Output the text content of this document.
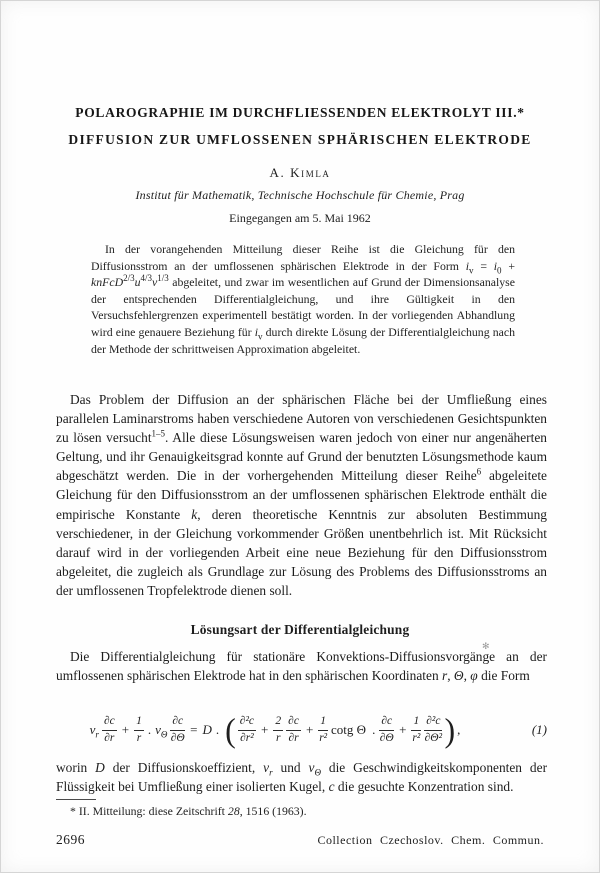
POLAROGRAPHIE IM DURCHFLIESSENDEN ELEKTROLYT III.*
DIFFUSION ZUR UMFLOSSENEN SPHÄRISCHEN ELEKTRODE
A. Kimla
Institut für Mathematik, Technische Hochschule für Chemie, Prag
Eingegangen am 5. Mai 1962
In der vorangehenden Mitteilung dieser Reihe ist die Gleichung für den Diffusionsstrom an der umflossenen sphärischen Elektrode in der Form $i_v = i_0$ + $knFcD^{2/3}u^{4/3}v^{1/3}$ abgeleitet, und zwar im wesentlichen auf Grund der Dimensionsanalyse der entsprechenden Differentialgleichung, und ihre Gültigkeit in den Versuchsfehlergrenzen experimentell bestätigt worden. In der vorliegenden Abhandlung wird eine genauere Beziehung für $i_v$ durch direkte Lösung der Differentialgleichung nach der Methode der schrittweisen Approximation abgeleitet.

Das Problem der Diffusion an der sphärischen Fläche bei der Umfließung eines parallelen Laminarstroms haben verschiedene Autoren von verschiedenen Gesichtspunkten zu lösen versucht$^{1-5}$. Alle diese Lösungsweisen waren jedoch von einer nur angenäherten Geltung, und ihr Genauigkeitsgrad konnte auf Grund der benutzten Lösungsmethode kaum abgeschätzt werden. Die in der vorhergehenden Mitteilung dieser Reihe$^6$ abgeleitete Gleichung für den Diffusionsstrom an der umflossenen sphärischen Elektrode enthält die empirische Konstante k, deren theoretische Kenntnis zur absoluten Bestimmung verschiedener, in der Gleichung vorkommender Größen unentbehrlich ist. Mit Rücksicht darauf wird in der vorliegenden Arbeit eine neue Beziehung für den Diffusionsstrom abgeleitet, die zugleich als Grundlage zur Lösung des Problems des Diffusionsstroms an der umflossenen Tropfelektrode dienen soll.

Lösungsart der Differentialgleichung
✻

Die Differentialgleichung für stationäre Konvektions-Diffusionsvorgänge an der umflossenen sphärischen Elektrode hat in den sphärischen Koordinaten r, Θ, φ die Form

$v_r \frac{\partial c}{\partial r} + \frac{1}{r}$ . $v_\Theta \frac{\partial c}{\partial\Theta} = D$ . ( $\frac{\text{∂²c}}{\text{∂r²}} + \frac{2}{r} \frac{\partial c}{\partial r} + \frac{1}{\text{r²}}$ cotg Θ . $\frac{\partial c}{\partial\Theta} + \frac{1}{\text{r²}} \frac{\text{∂²c}}{\text{∂Θ²}}$ ) ,	(1)

worin D der Diffusionskoeffizient, $v_r$ und $v_\Theta$ die Geschwindigkeitskomponenten der Flüssigkeit bei Umfließung einer isolierten Kugel, c die gesuchte Konzentration sind.

* II. Mitteilung: diese Zeitschrift 28, 1516 (1963).

2696	Collection Czechoslov. Chem. Commun.
